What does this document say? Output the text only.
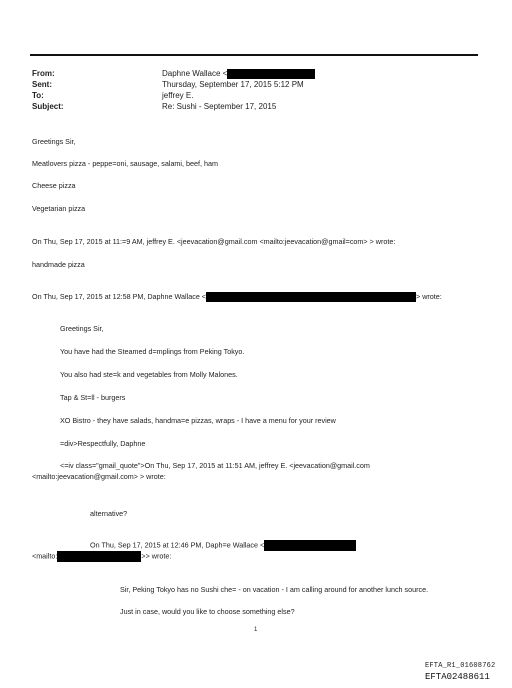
From:
Sent:
To:
Subject:
Daphne Wallace <
Thursday, September 17, 2015 5:12 PM
jeffrey E.
Re: Sushi - September 17, 2015
Greetings Sir,
Meatlovers pizza - peppe=oni, sausage, salami, beef, ham
Cheese pizza
Vegetarian pizza
On Thu, Sep 17, 2015 at 11:=9 AM, jeffrey E. <jeevacation@gmail.com <mailto:jeevacation@gmail=com> > wrote:
handmade pizza
On Thu, Sep 17, 2015 at 12:58 PM, Daphne Wallace <	> wrote:
Greetings Sir,
You have had the Steamed d=mplings from Peking Tokyo.
You also had ste=k and vegetables from Molly Malones.
Tap & St=ll - burgers
XO Bistro - they have salads, handma=e pizzas, wraps - I have a menu for your review
=div>Respectfully, Daphne
<=iv class="gmail_quote">On Thu, Sep 17, 2015 at 11:51 AM, jeffrey E. <jeevacation@gmail.com
<mailto:jeevacation@gmail.com> > wrote:
alternative?
On Thu, Sep 17, 2015 at 12:46 PM, Daph=e Wallace <
<mailto:	>> wrote:
Sir, Peking Tokyo has no Sushi che= - on vacation - I am calling around for another lunch source.
Just in case, would you like to choose something else?
1
EFTA_R1_01608762
EFTA02488611
